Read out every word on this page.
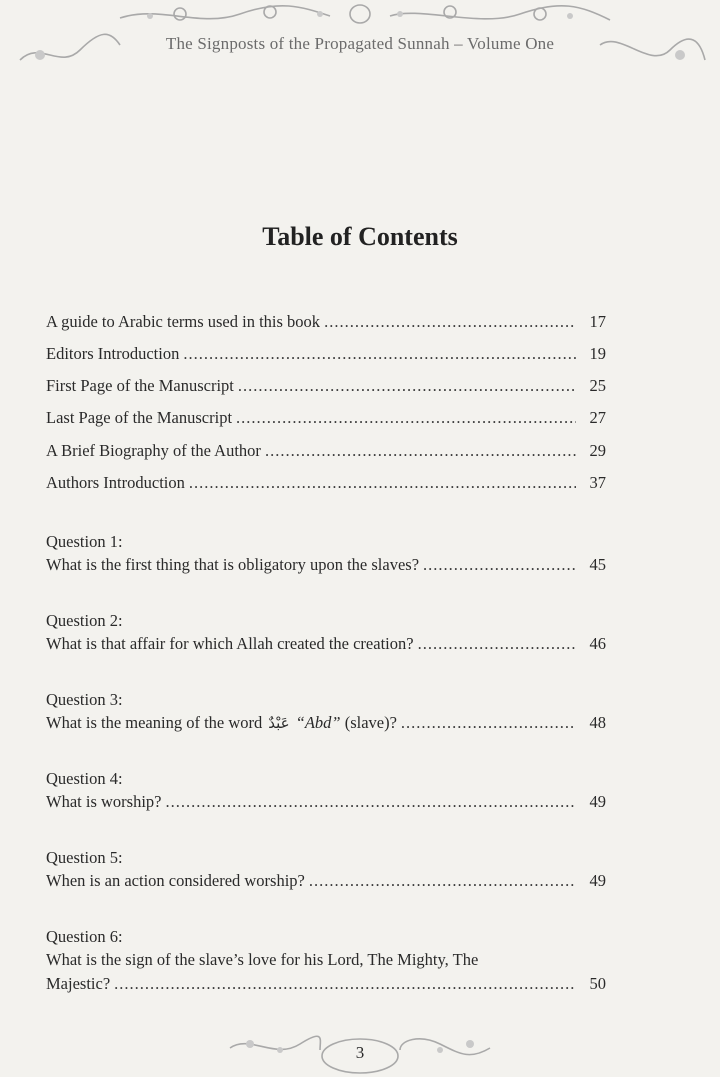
The Signposts of the Propagated Sunnah – Volume One
Table of Contents
A guide to Arabic terms used in this book .....	17
Editors Introduction .....	19
First Page of the Manuscript .....	25
Last Page of the Manuscript .....	27
A Brief Biography of the Author .....	29
Authors Introduction .....	37
Question 1:
What is the first thing that is obligatory upon the slaves? .....	45
Question 2:
What is that affair for which Allah created the creation? .....	46
Question 3:
What is the meaning of the word عَبْدٌ “Abd” (slave)? .....	48
Question 4:
What is worship? .....	49
Question 5:
When is an action considered worship? .....	49
Question 6:
What is the sign of the slave’s love for his Lord, The Mighty, The
Majestic? .....	50
3
